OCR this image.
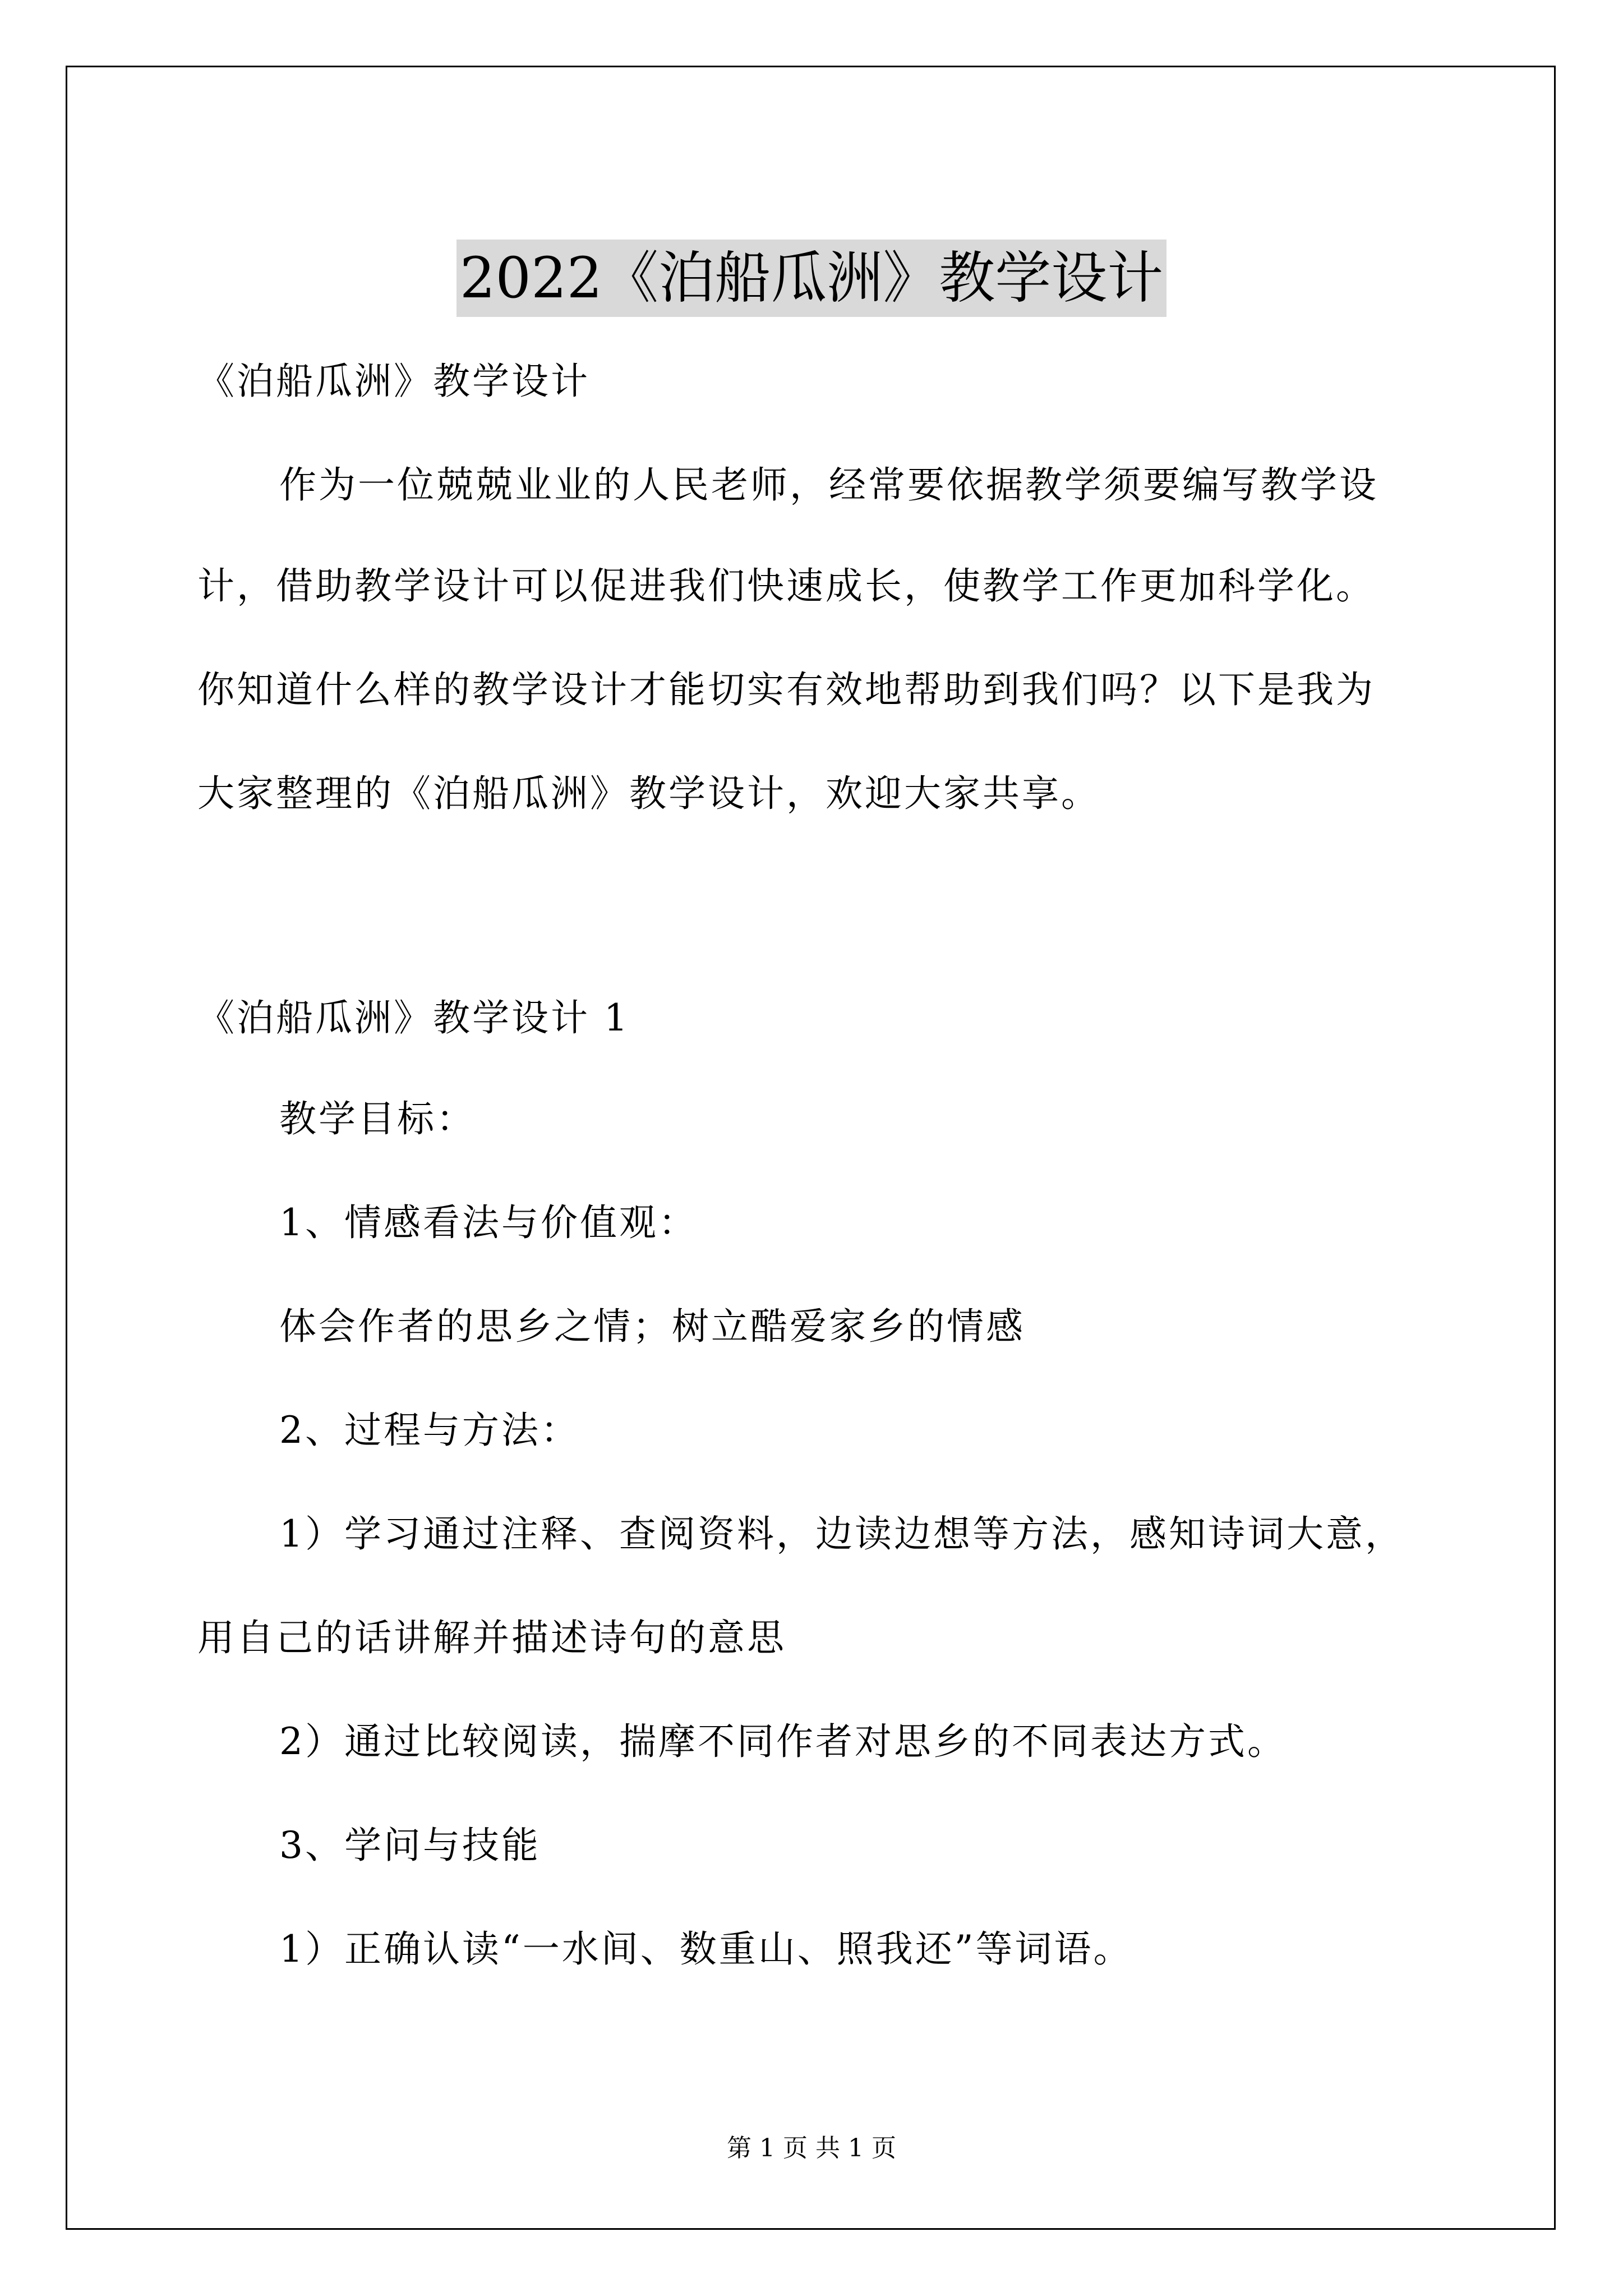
2022《泊船瓜洲》教学设计
《泊船瓜洲》教学设计
作为一位兢兢业业的人民老师，经常要依据教学须要编写教学设
计，借助教学设计可以促进我们快速成长，使教学工作更加科学化。
你知道什么样的教学设计才能切实有效地帮助到我们吗？以下是我为
大家整理的《泊船瓜洲》教学设计，欢迎大家共享。
《泊船瓜洲》教学设计 1
教学目标：
1、情感看法与价值观：
体会作者的思乡之情；树立酷爱家乡的情感
2、过程与方法：
1）学习通过注释、查阅资料，边读边想等方法，感知诗词大意，
用自己的话讲解并描述诗句的意思
2）通过比较阅读，揣摩不同作者对思乡的不同表达方式。
3、学问与技能
1）正确认读“一水间、数重山、照我还”等词语。
第 1 页 共 1 页
